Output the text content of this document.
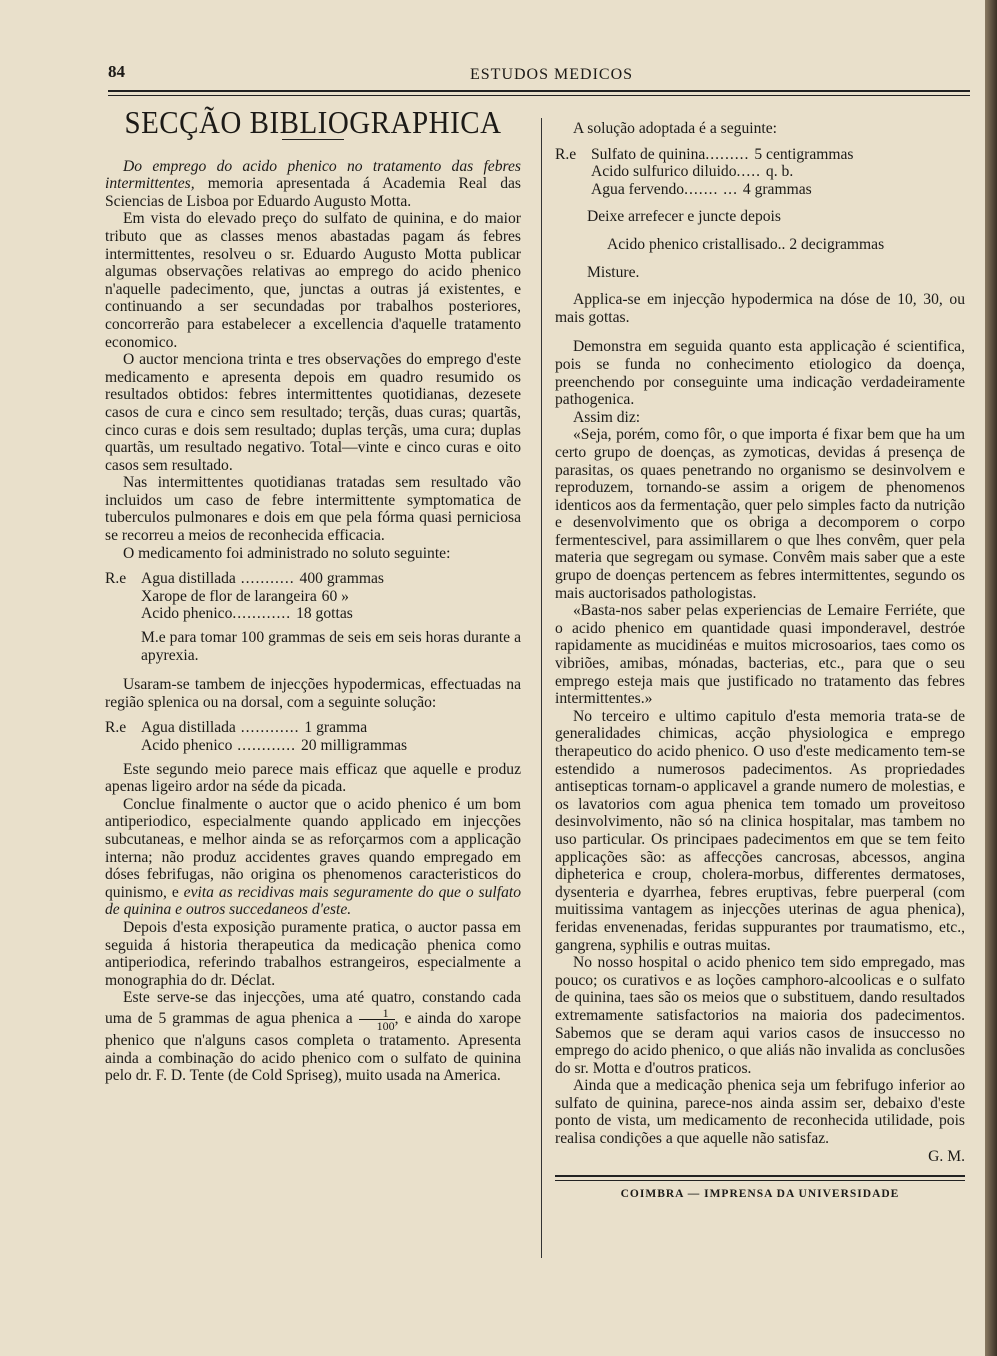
84	ESTUDOS MEDICOS

SECÇÃO BIBLIOGRAPHICA

Do emprego do acido phenico no tratamento das febres intermittentes, memoria apresentada á Academia Real das Sciencias de Lisboa por Eduardo Augusto Motta.

Em vista do elevado preço do sulfato de quinina, e do maior tributo que as classes menos abastadas pagam ás febres intermittentes, resolveu o sr. Eduardo Augusto Motta publicar algumas observações relativas ao emprego do acido phenico n'aquelle padecimento, que, junctas a outras já existentes, e continuando a ser secundadas por trabalhos posteriores, concorrerão para estabelecer a excellencia d'aquelle tratamento economico.

O auctor menciona trinta e tres observações do emprego d'este medicamento e apresenta depois em quadro resumido os resultados obtidos: febres intermittentes quotidianas, dezesete casos de cura e cinco sem resultado; terçãs, duas curas; quartãs, cinco curas e dois sem resultado; duplas terçãs, uma cura; duplas quartãs, um resultado negativo. Total—vinte e cinco curas e oito casos sem resultado.

Nas intermittentes quotidianas tratadas sem resultado vão incluidos um caso de febre intermittente symptomatica de tuberculos pulmonares e dois em que pela fórma quasi perniciosa se recorreu a meios de reconhecida efficacia.

O medicamento foi administrado no soluto seguinte:

R.e Agua distillada ........... 400 grammas
Xarope de flor de larangeira 60 »
Acido phenico............ 18 gottas

M.e para tomar 100 grammas de seis em seis horas durante a apyrexia.

Usaram-se tambem de injecções hypodermicas, effectuadas na região splenica ou na dorsal, com a seguinte solução:

R.e Agua distillada ............ 1 gramma
Acido phenico ............ 20 milligrammas

Este segundo meio parece mais efficaz que aquelle e produz apenas ligeiro ardor na séde da picada.

Conclue finalmente o auctor que o acido phenico é um bom antiperiodico, especialmente quando applicado em injecções subcutaneas, e melhor ainda se as reforçarmos com a applicação interna; não produz accidentes graves quando empregado em dóses febrifugas, não origina os phenomenos caracteristicos do quinismo, e evita as recidivas mais seguramente do que o sulfato de quinina e outros succedaneos d'este.

Depois d'esta exposição puramente pratica, o auctor passa em seguida á historia therapeutica da medicação phenica como antiperiodica, referindo trabalhos estrangeiros, especialmente a monographia do dr. Déclat.

Este serve-se das injecções, uma até quatro, constando cada uma de 5 grammas de agua phenica a $\frac{1}{100}$ , e ainda do xarope phenico que n'alguns casos completa o tratamento. Apresenta ainda a combinação do acido phenico com o sulfato de quinina pelo dr. F. D. Tente (de Cold Spriseg), muito usada na America.

A solução adoptada é a seguinte:

R.e Sulfato de quinina......... 5 centigrammas
Acido sulfurico diluido..... q. b.
Agua fervendo....... ... 4 grammas

Deixe arrefecer e juncte depois

Acido phenico cristallisado.. 2 decigrammas

Misture.

Applica-se em injecção hypodermica na dóse de 10, 30, ou mais gottas.

Demonstra em seguida quanto esta applicação é scientifica, pois se funda no conhecimento etiologico da doença, preenchendo por conseguinte uma indicação verdadeiramente pathogenica.

Assim diz:

«Seja, porém, como fôr, o que importa é fixar bem que ha um certo grupo de doenças, as zymoticas, devidas á presença de parasitas, os quaes penetrando no organismo se desinvolvem e reproduzem, tornando-se assim a origem de phenomenos identicos aos da fermentação, quer pelo simples facto da nutrição e desenvolvimento que os obriga a decomporem o corpo fermentescivel, para assimillarem o que lhes convêm, quer pela materia que segregam ou symase. Convêm mais saber que a este grupo de doenças pertencem as febres intermittentes, segundo os mais auctorisados pathologistas.

«Basta-nos saber pelas experiencias de Lemaire Ferriéte, que o acido phenico em quantidade quasi imponderavel, destróe rapidamente as mucidinéas e muitos microsoarios, taes como os vibriões, amibas, mónadas, bacterias, etc., para que o seu emprego esteja mais que justificado no tratamento das febres intermittentes.»

No terceiro e ultimo capitulo d'esta memoria trata-se de generalidades chimicas, acção physiologica e emprego therapeutico do acido phenico. O uso d'este medicamento tem-se estendido a numerosos padecimentos. As propriedades antisepticas tornam-o applicavel a grande numero de molestias, e os lavatorios com agua phenica tem tomado um proveitoso desinvolvimento, não só na clinica hospitalar, mas tambem no uso particular. Os principaes padecimentos em que se tem feito applicações são: as affecções cancrosas, abcessos, angina dipheterica e croup, cholera-morbus, differentes dermatoses, dysenteria e dyarrhea, febres eruptivas, febre puerperal (com muitissima vantagem as injecções uterinas de agua phenica), feridas envenenadas, feridas suppurantes por traumatismo, etc., gangrena, syphilis e outras muitas.

No nosso hospital o acido phenico tem sido empregado, mas pouco; os curativos e as loções camphoro-alcoolicas e o sulfato de quinina, taes são os meios que o substituem, dando resultados extremamente satisfactorios na maioria dos padecimentos. Sabemos que se deram aqui varios casos de insuccesso no emprego do acido phenico, o que aliás não invalida as conclusões do sr. Motta e d'outros praticos.

Ainda que a medicação phenica seja um febrifugo inferior ao sulfato de quinina, parece-nos ainda assim ser, debaixo d'este ponto de vista, um medicamento de reconhecida utilidade, pois realisa condições a que aquelle não satisfaz.

G. M.

COIMBRA — IMPRENSA DA UNIVERSIDADE
